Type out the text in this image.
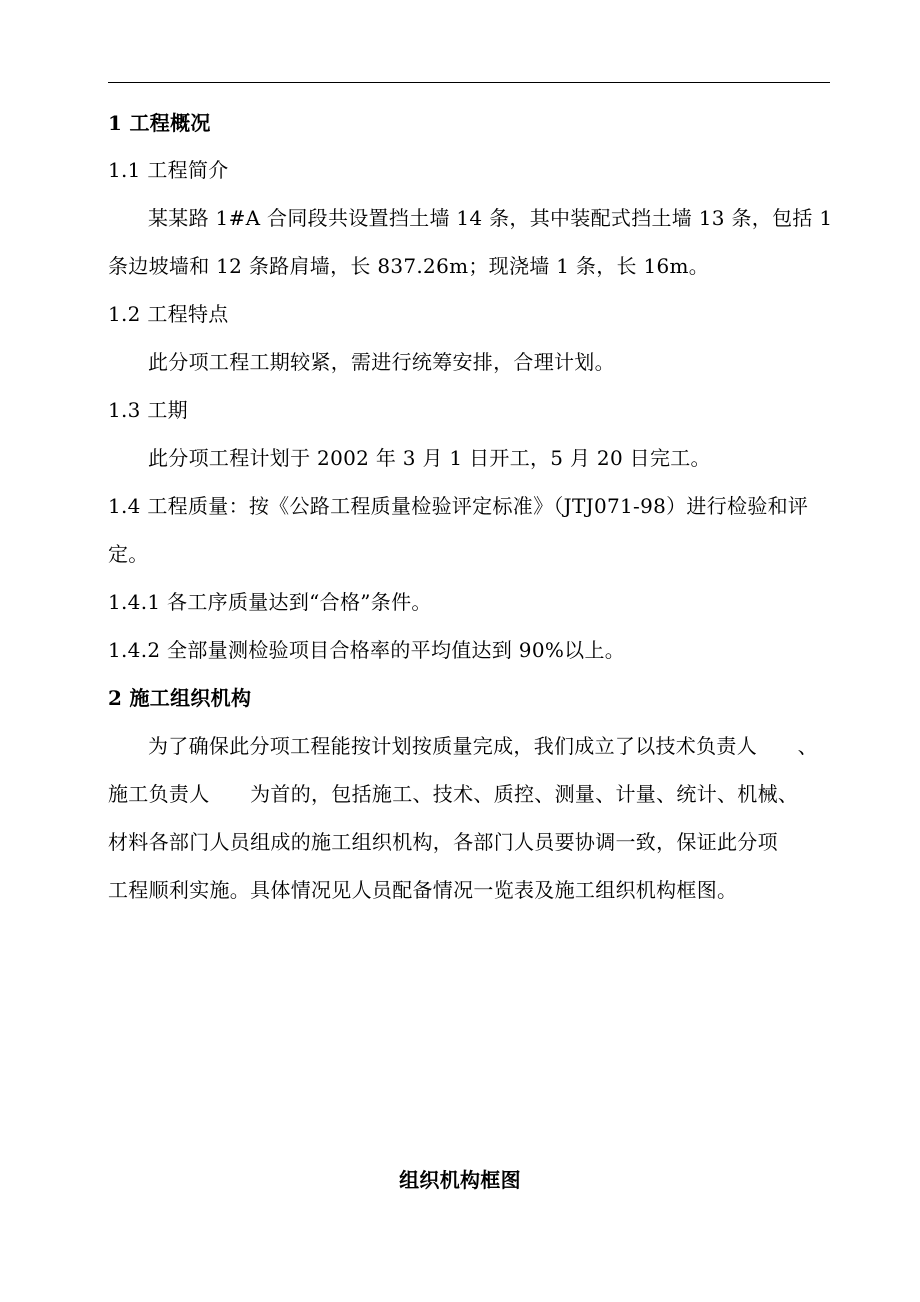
1 工程概况
1.1 工程简介
某某路 1#A 合同段共设置挡土墙 14 条，其中装配式挡土墙 13 条，包括 1
条边坡墙和 12 条路肩墙，长 837.26m；现浇墙 1 条，长 16m。
1.2 工程特点
此分项工程工期较紧，需进行统筹安排，合理计划。
1.3 工期
此分项工程计划于 2002 年 3 月 1 日开工，5 月 20 日完工。
1.4 工程质量：按《公路工程质量检验评定标准》（JTJ071-98）进行检验和评
定。
1.4.1 各工序质量达到“合格”条件。
1.4.2 全部量测检验项目合格率的平均值达到 90%以上。
2 施工组织机构
为了确保此分项工程能按计划按质量完成，我们成立了以技术负责人　　、
施工负责人　　为首的，包括施工、技术、质控、测量、计量、统计、机械、
材料各部门人员组成的施工组织机构，各部门人员要协调一致，保证此分项
工程顺利实施。具体情况见人员配备情况一览表及施工组织机构框图。
组织机构框图
